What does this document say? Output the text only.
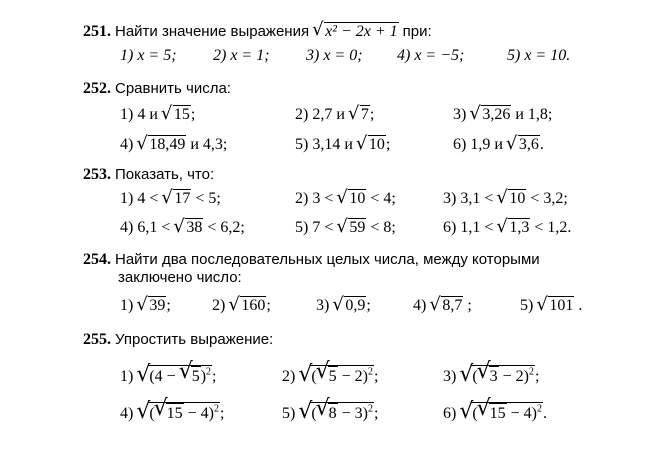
251. Найти значение выражения √ x² − 2x + 1 при:
1) x = 5; 2) x = 1; 3) x = 0; 4) x = −5;	5) x = 10.
252. Сравнить числа:
1) 4 и √ 15;	2) 2,7 и √ 7;	3) √ 3,26 и 1,8;
4) √ 18,49 и 4,3;	5) 3,14 и √ 10;	6) 1,9 и √ 3,6.
253. Показать, что:
1) 4 < √ 17 < 5;	2) 3 < √ 10 < 4;	3) 3,1 < √ 10 < 3,2;
4) 6,1 < √ 38 < 6,2;	5) 7 < √ 59 < 8;	6) 1,1 < √ 1,3 < 1,2.
254. Найти два последовательных целых числа, между которыми
заключено число:
1) √ 39;	2) √ 160;	3) √ 0,9;	4) √ 8,7 ;	5) √ 101 .
255. Упростить выражение:
1) √ (4 − √ 5)$^2$;	2) √ ( √ 5 − 2)$^2$;	3) √ ( √ 3 − 2)$^2$;
4) √ ( √ 15 − 4)$^2$;	5) √ ( √ 8 − 3)$^2$;	6) √ ( √ 15 − 4)$^2$.
